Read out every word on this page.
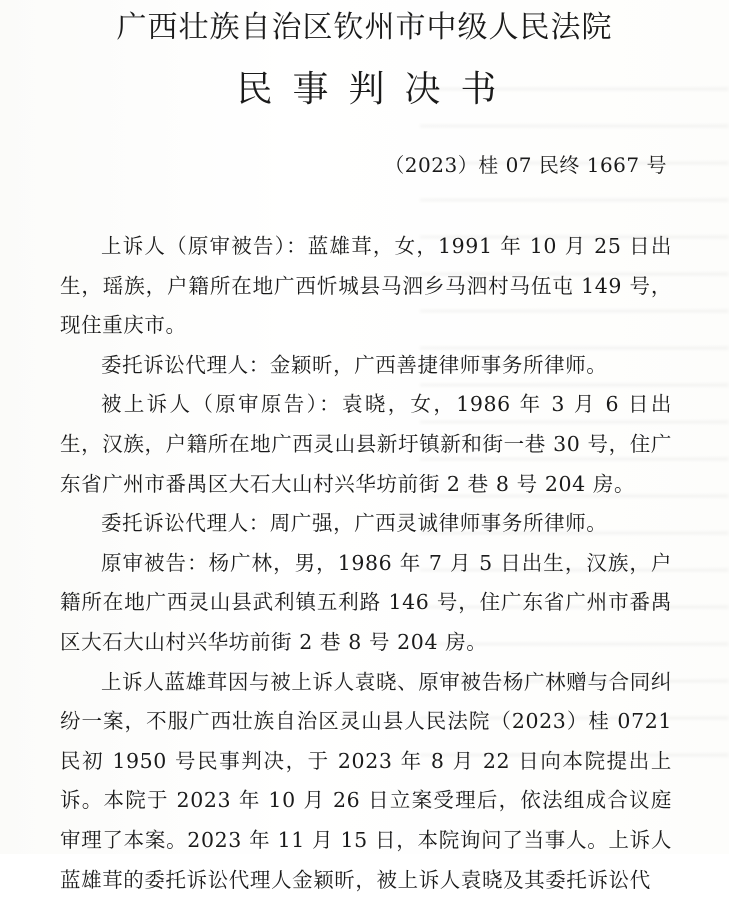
广西壮族自治区钦州市中级人民法院
民事判决书
（2023）桂 07 民终 1667 号

上诉人（原审被告）：蓝雄茸，女，1991 年 10 月 25 日出生，瑶族，户籍所在地广西忻城县马泗乡马泗村马伍屯 149 号，现住重庆市。

委托诉讼代理人：金颖昕，广西善捷律师事务所律师。

被上诉人（原审原告）：袁晓，女，1986 年 3 月 6 日出生，汉族，户籍所在地广西灵山县新圩镇新和街一巷 30 号，住广东省广州市番禺区大石大山村兴华坊前街 2 巷 8 号 204 房。

委托诉讼代理人：周广强，广西灵诚律师事务所律师。

原审被告：杨广林，男，1986 年 7 月 5 日出生，汉族，户籍所在地广西灵山县武利镇五利路 146 号，住广东省广州市番禺区大石大山村兴华坊前街 2 巷 8 号 204 房。

上诉人蓝雄茸因与被上诉人袁晓、原审被告杨广林赠与合同纠纷一案，不服广西壮族自治区灵山县人民法院（2023）桂 0721 民初 1950 号民事判决，于 2023 年 8 月 22 日向本院提出上诉。本院于 2023 年 10 月 26 日立案受理后，依法组成合议庭审理了本案。2023 年 11 月 15 日，本院询问了当事人。上诉人蓝雄茸的委托诉讼代理人金颖昕，被上诉人袁晓及其委托诉讼代
